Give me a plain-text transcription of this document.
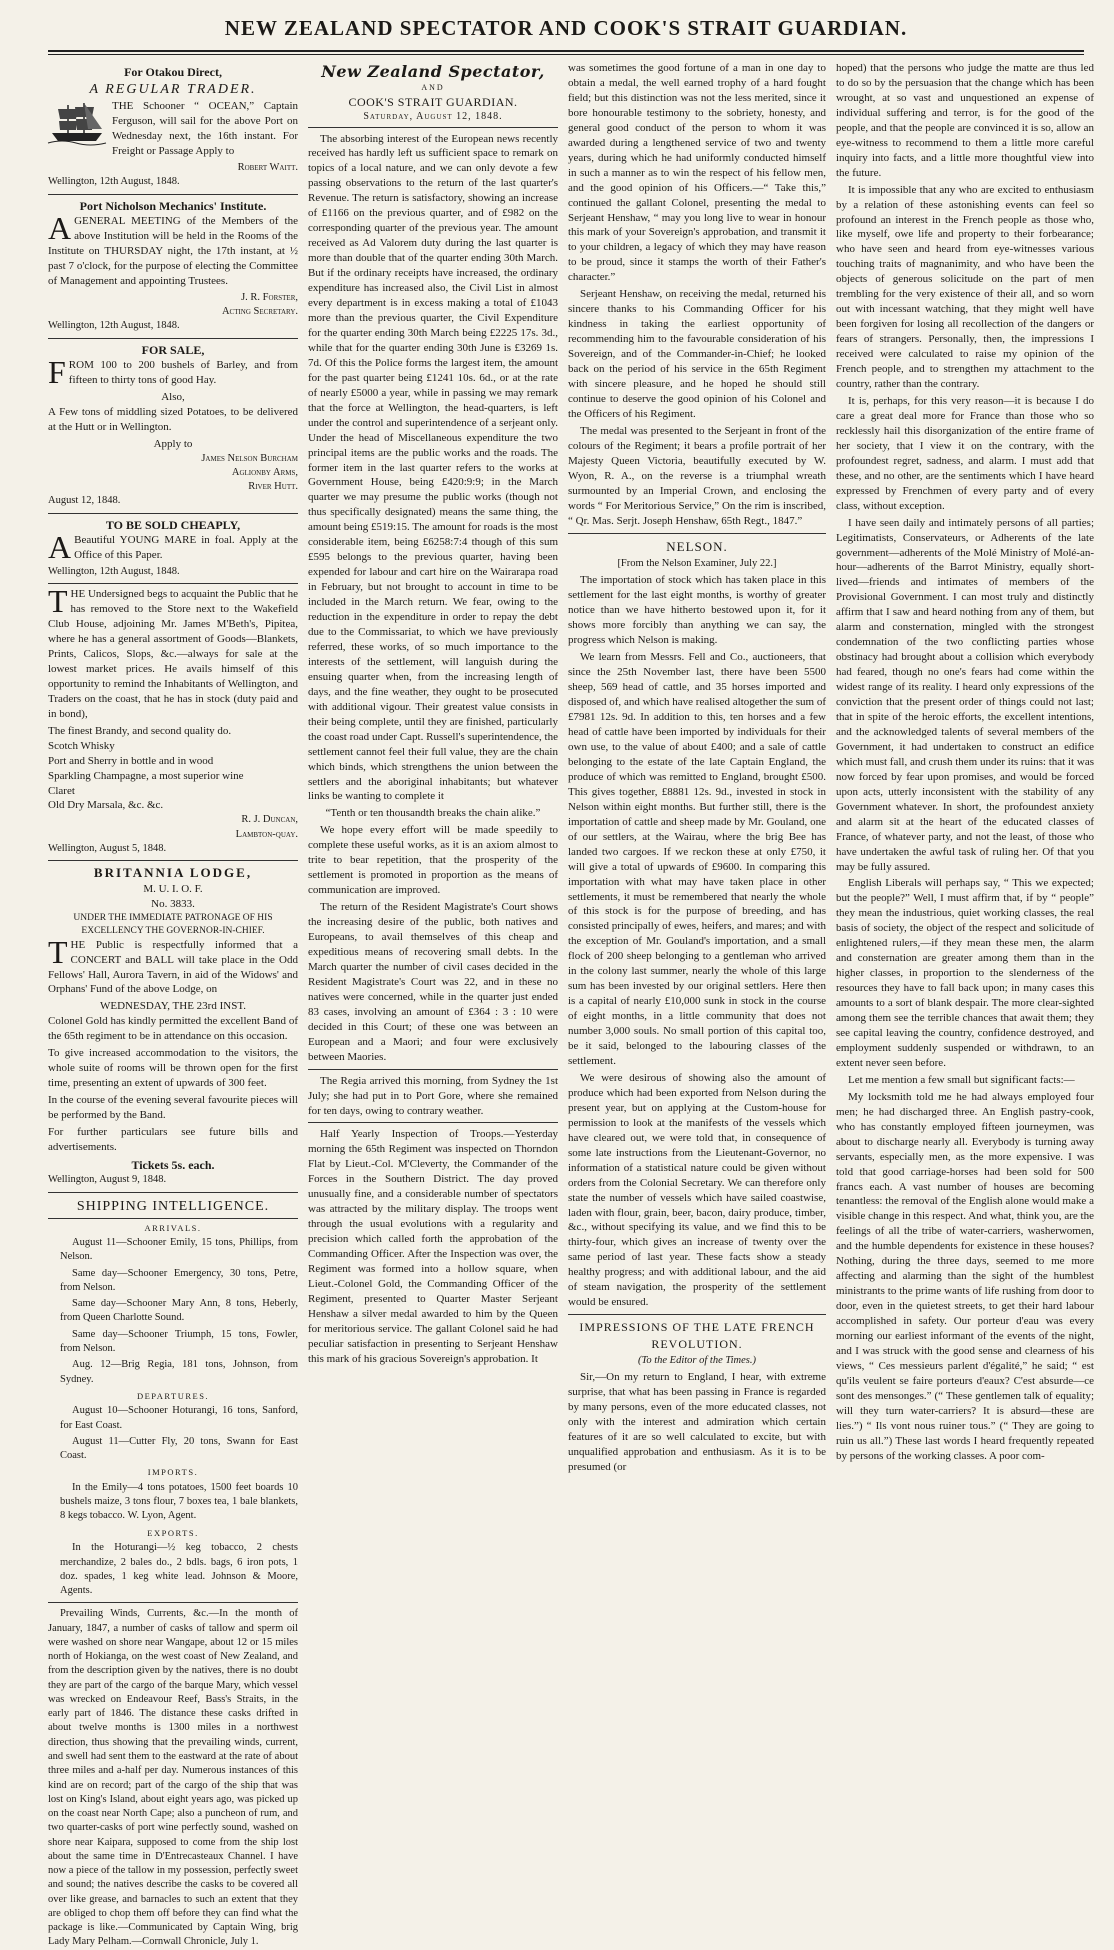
NEW ZEALAND SPECTATOR AND COOK'S STRAIT GUARDIAN.
For Otakou Direct,
A REGULAR TRADER.

THE Schooner “ OCEAN,” Captain Ferguson, will sail for the above Port on Wednesday next, the 16th instant. For Freight or Passage Apply to

Robert Waitt.
Wellington, 12th August, 1848.
Port Nicholson Mechanics' Institute.

AGENERAL MEETING of the Members of the above Institution will be held in the Rooms of the Institute on THURSDAY night, the 17th instant, at ½ past 7 o'clock, for the purpose of electing the Committee of Management and appointing Trustees.

J. R. Forster,
Acting Secretary.
Wellington, 12th August, 1848.
FOR SALE,

FROM 100 to 200 bushels of Barley, and from fifteen to thirty tons of good Hay.

Also,

A Few tons of middling sized Potatoes, to be delivered at the Hutt or in Wellington.

Apply to
James Nelson Burcham
Aglionby Arms,
River Hutt.
August 12, 1848.
TO BE SOLD CHEAPLY,

ABeautiful YOUNG MARE in foal. Apply at the Office of this Paper.

Wellington, 12th August, 1848.

THE Undersigned begs to acquaint the Public that he has removed to the Store next to the Wakefield Club House, adjoining Mr. James M'Beth's, Pipitea, where he has a general assortment of Goods—Blankets, Prints, Calicos, Slops, &c.—always for sale at the lowest market prices. He avails himself of this opportunity to remind the Inhabitants of Wellington, and Traders on the coast, that he has in stock (duty paid and in bond),

The finest Brandy, and second quality do.
Scotch Whisky
Port and Sherry in bottle and in wood
Sparkling Champagne, a most superior wine
Claret
Old Dry Marsala, &c. &c.
R. J. Duncan,
Lambton-quay.
Wellington, August 5, 1848.
BRITANNIA LODGE,
M. U. I. O. F.
No. 3833.
UNDER THE IMMEDIATE PATRONAGE OF HIS EXCELLENCY THE GOVERNOR-IN-CHIEF.

THE Public is respectfully informed that a CONCERT and BALL will take place in the Odd Fellows' Hall, Aurora Tavern, in aid of the Widows' and Orphans' Fund of the above Lodge, on

WEDNESDAY, THE 23rd INST.

Colonel Gold has kindly permitted the excellent Band of the 65th regiment to be in attendance on this occasion.

To give increased accommodation to the visitors, the whole suite of rooms will be thrown open for the first time, presenting an extent of upwards of 300 feet.

In the course of the evening several favourite pieces will be performed by the Band.

For further particulars see future bills and advertisements.

Tickets 5s. each.
Wellington, August 9, 1848.
SHIPPING INTELLIGENCE.
ARRIVALS.

August 11—Schooner Emily, 15 tons, Phillips, from Nelson.

Same day—Schooner Emergency, 30 tons, Petre, from Nelson.

Same day—Schooner Mary Ann, 8 tons, Heberly, from Queen Charlotte Sound.

Same day—Schooner Triumph, 15 tons, Fowler, from Nelson.

Aug. 12—Brig Regia, 181 tons, Johnson, from Sydney.

DEPARTURES.

August 10—Schooner Hoturangi, 16 tons, Sanford, for East Coast.

August 11—Cutter Fly, 20 tons, Swann for East Coast.

IMPORTS.

In the Emily—4 tons potatoes, 1500 feet boards 10 bushels maize, 3 tons flour, 7 boxes tea, 1 bale blankets, 8 kegs tobacco. W. Lyon, Agent.

EXPORTS.

In the Hoturangi—½ keg tobacco, 2 chests merchandize, 2 bales do., 2 bdls. bags, 6 iron pots, 1 doz. spades, 1 keg white lead. Johnson & Moore, Agents.

Prevailing Winds, Currents, &c.—In the month of January, 1847, a number of casks of tallow and sperm oil were washed on shore near Wangape, about 12 or 15 miles north of Hokianga, on the west coast of New Zealand, and from the description given by the natives, there is no doubt they are part of the cargo of the barque Mary, which vessel was wrecked on Endeavour Reef, Bass's Straits, in the early part of 1846. The distance these casks drifted in about twelve months is 1300 miles in a northwest direction, thus showing that the prevailing winds, current, and swell had sent them to the eastward at the rate of about three miles and a-half per day. Numerous instances of this kind are on record; part of the cargo of the ship that was lost on King's Island, about eight years ago, was picked up on the coast near North Cape; also a puncheon of rum, and two quarter-casks of port wine perfectly sound, washed on shore near Kaipara, supposed to come from the ship lost about the same time in D'Entrecasteaux Channel. I have now a piece of the tallow in my possession, perfectly sweet and sound; the natives describe the casks to be covered all over like grease, and barnacles to such an extent that they are obliged to chop them off before they can find what the package is like.—Communicated by Captain Wing, brig Lady Mary Pelham.—Cornwall Chronicle, July 1.

New Zealand Spectator,
AND
COOK'S STRAIT GUARDIAN.
Saturday, August 12, 1848.

The absorbing interest of the European news recently received has hardly left us sufficient space to remark on topics of a local nature, and we can only devote a few passing observations to the return of the last quarter's Revenue. The return is satisfactory, showing an increase of £1166 on the previous quarter, and of £982 on the corresponding quarter of the previous year. The amount received as Ad Valorem duty during the last quarter is more than double that of the quarter ending 30th March. But if the ordinary receipts have increased, the ordinary expenditure has increased also, the Civil List in almost every department is in excess making a total of £1043 more than the previous quarter, the Civil Expenditure for the quarter ending 30th March being £2225 17s. 3d., while that for the quarter ending 30th June is £3269 1s. 7d. Of this the Police forms the largest item, the amount for the past quarter being £1241 10s. 6d., or at the rate of nearly £5000 a year, while in passing we may remark that the force at Wellington, the head-quarters, is left under the control and superintendence of a serjeant only. Under the head of Miscellaneous expenditure the two principal items are the public works and the roads. The former item in the last quarter refers to the works at Government House, being £420:9:9; in the March quarter we may presume the public works (though not thus specifically designated) means the same thing, the amount being £519:15. The amount for roads is the most considerable item, being £6258:7:4 though of this sum £595 belongs to the previous quarter, having been expended for labour and cart hire on the Wairarapa road in February, but not brought to account in time to be included in the March return. We fear, owing to the reduction in the expenditure in order to repay the debt due to the Commissariat, to which we have previously referred, these works, of so much importance to the interests of the settlement, will languish during the ensuing quarter when, from the increasing length of days, and the fine weather, they ought to be prosecuted with additional vigour. Their greatest value consists in their being complete, until they are finished, particularly the coast road under Capt. Russell's superintendence, the settlement cannot feel their full value, they are the chain which binds, which strengthens the union between the settlers and the aboriginal inhabitants; but whatever links be wanting to complete it

“Tenth or ten thousandth breaks the chain alike.”

We hope every effort will be made speedily to complete these useful works, as it is an axiom almost to trite to bear repetition, that the prosperity of the settlement is promoted in proportion as the means of communication are improved.

The return of the Resident Magistrate's Court shows the increasing desire of the public, both natives and Europeans, to avail themselves of this cheap and expeditious means of recovering small debts. In the March quarter the number of civil cases decided in the Resident Magistrate's Court was 22, and in these no natives were concerned, while in the quarter just ended 83 cases, involving an amount of £364 : 3 : 10 were decided in this Court; of these one was between an European and a Maori; and four were exclusively between Maories.

The Regia arrived this morning, from Sydney the 1st July; she had put in to Port Gore, where she remained for ten days, owing to contrary weather.

Half Yearly Inspection of Troops.—Yesterday morning the 65th Regiment was inspected on Thorndon Flat by Lieut.-Col. M'Cleverty, the Commander of the Forces in the Southern District. The day proved unusually fine, and a considerable number of spectators was attracted by the military display. The troops went through the usual evolutions with a regularity and precision which called forth the approbation of the Commanding Officer. After the Inspection was over, the Regiment was formed into a hollow square, when Lieut.-Colonel Gold, the Commanding Officer of the Regiment, presented to Quarter Master Serjeant Henshaw a silver medal awarded to him by the Queen for meritorious service. The gallant Colonel said he had peculiar satisfaction in presenting to Serjeant Henshaw this mark of his gracious Sovereign's approbation. It

was sometimes the good fortune of a man in one day to obtain a medal, the well earned trophy of a hard fought field; but this distinction was not the less merited, since it bore honourable testimony to the sobriety, honesty, and general good conduct of the person to whom it was awarded during a lengthened service of two and twenty years, during which he had uniformly conducted himself in such a manner as to win the respect of his fellow men, and the good opinion of his Officers.—“ Take this,” continued the gallant Colonel, presenting the medal to Serjeant Henshaw, “ may you long live to wear in honour this mark of your Sovereign's approbation, and transmit it to your children, a legacy of which they may have reason to be proud, since it stamps the worth of their Father's character.”

Serjeant Henshaw, on receiving the medal, returned his sincere thanks to his Commanding Officer for his kindness in taking the earliest opportunity of recommending him to the favourable consideration of his Sovereign, and of the Commander-in-Chief; he looked back on the period of his service in the 65th Regiment with sincere pleasure, and he hoped he should still continue to deserve the good opinion of his Colonel and the Officers of his Regiment.

The medal was presented to the Serjeant in front of the colours of the Regiment; it bears a profile portrait of her Majesty Queen Victoria, beautifully executed by W. Wyon, R. A., on the reverse is a triumphal wreath surmounted by an Imperial Crown, and enclosing the words “ For Meritorious Service,” On the rim is inscribed, “ Qr. Mas. Serjt. Joseph Henshaw, 65th Regt., 1847.”

NELSON.
[From the Nelson Examiner, July 22.]

The importation of stock which has taken place in this settlement for the last eight months, is worthy of greater notice than we have hitherto bestowed upon it, for it shows more forcibly than anything we can say, the progress which Nelson is making.

We learn from Messrs. Fell and Co., auctioneers, that since the 25th November last, there have been 5500 sheep, 569 head of cattle, and 35 horses imported and disposed of, and which have realised altogether the sum of £7981 12s. 9d. In addition to this, ten horses and a few head of cattle have been imported by individuals for their own use, to the value of about £400; and a sale of cattle belonging to the estate of the late Captain England, the produce of which was remitted to England, brought £500. This gives together, £8881 12s. 9d., invested in stock in Nelson within eight months. But further still, there is the importation of cattle and sheep made by Mr. Gouland, one of our settlers, at the Wairau, where the brig Bee has landed two cargoes. If we reckon these at only £750, it will give a total of upwards of £9600. In comparing this importation with what may have taken place in other settlements, it must be remembered that nearly the whole of this stock is for the purpose of breeding, and has consisted principally of ewes, heifers, and mares; and with the exception of Mr. Gouland's importation, and a small flock of 200 sheep belonging to a gentleman who arrived in the colony last summer, nearly the whole of this large sum has been invested by our original settlers. Here then is a capital of nearly £10,000 sunk in stock in the course of eight months, in a little community that does not number 3,000 souls. No small portion of this capital too, be it said, belonged to the labouring classes of the settlement.

We were desirous of showing also the amount of produce which had been exported from Nelson during the present year, but on applying at the Custom-house for permission to look at the manifests of the vessels which have cleared out, we were told that, in consequence of some late instructions from the Lieutenant-Governor, no information of a statistical nature could be given without orders from the Colonial Secretary. We can therefore only state the number of vessels which have sailed coastwise, laden with flour, grain, beer, bacon, dairy produce, timber, &c., without specifying its value, and we find this to be thirty-four, which gives an increase of twenty over the same period of last year. These facts show a steady healthy progress; and with additional labour, and the aid of steam navigation, the prosperity of the settlement would be ensured.

IMPRESSIONS OF THE LATE FRENCH REVOLUTION.
(To the Editor of the Times.)

Sir,—On my return to England, I hear, with extreme surprise, that what has been passing in France is regarded by many persons, even of the more educated classes, not only with the interest and admiration which certain features of it are so well calculated to excite, but with unqualified approbation and enthusiasm. As it is to be presumed (or

hoped) that the persons who judge the matte are thus led to do so by the persuasion that the change which has been wrought, at so vast and unquestioned an expense of individual suffering and terror, is for the good of the people, and that the people are convinced it is so, allow an eye-witness to recommend to them a little more careful inquiry into facts, and a little more thoughtful view into the future.

It is impossible that any who are excited to enthusiasm by a relation of these astonishing events can feel so profound an interest in the French people as those who, like myself, owe life and property to their forbearance; who have seen and heard from eye-witnesses various touching traits of magnanimity, and who have been the objects of generous solicitude on the part of men trembling for the very existence of their all, and so worn out with incessant watching, that they might well have been forgiven for losing all recollection of the dangers or fears of strangers. Personally, then, the impressions I received were calculated to raise my opinion of the French people, and to strengthen my attachment to the country, rather than the contrary.

It is, perhaps, for this very reason—it is because I do care a great deal more for France than those who so recklessly hail this disorganization of the entire frame of her society, that I view it on the contrary, with the profoundest regret, sadness, and alarm. I must add that these, and no other, are the sentiments which I have heard expressed by Frenchmen of every party and of every class, without exception.

I have seen daily and intimately persons of all parties; Legitimatists, Conservateurs, or Adherents of the late government—adherents of the Molé Ministry of Molé-an-hour—adherents of the Barrot Ministry, equally short-lived—friends and intimates of members of the Provisional Government. I can most truly and distinctly affirm that I saw and heard nothing from any of them, but alarm and consternation, mingled with the strongest condemnation of the two conflicting parties whose obstinacy had brought about a collision which everybody had feared, though no one's fears had come within the widest range of its reality. I heard only expressions of the conviction that the present order of things could not last; that in spite of the heroic efforts, the excellent intentions, and the acknowledged talents of several members of the Government, it had undertaken to construct an edifice which must fall, and crush them under its ruins: that it was now forced by fear upon promises, and would be forced upon acts, utterly inconsistent with the stability of any Government whatever. In short, the profoundest anxiety and alarm sit at the heart of the educated classes of France, of whatever party, and not the least, of those who have undertaken the awful task of ruling her. Of that you may be fully assured.

English Liberals will perhaps say, “ This we expected; but the people?” Well, I must affirm that, if by “ people” they mean the industrious, quiet working classes, the real basis of society, the object of the respect and solicitude of enlightened rulers,—if they mean these men, the alarm and consternation are greater among them than in the higher classes, in proportion to the slenderness of the resources they have to fall back upon; in many cases this amounts to a sort of blank despair. The more clear-sighted among them see the terrible chances that await them; they see capital leaving the country, confidence destroyed, and employment suddenly suspended or withdrawn, to an extent never seen before.

Let me mention a few small but significant facts:—

My locksmith told me he had always employed four men; he had discharged three. An English pastry-cook, who has constantly employed fifteen journeymen, was about to discharge nearly all. Everybody is turning away servants, especially men, as the more expensive. I was told that good carriage-horses had been sold for 500 francs each. A vast number of houses are becoming tenantless: the removal of the English alone would make a visible change in this respect. And what, think you, are the feelings of all the tribe of water-carriers, washerwomen, and the humble dependents for existence in these houses? Nothing, during the three days, seemed to me more affecting and alarming than the sight of the humblest ministrants to the prime wants of life rushing from door to door, even in the quietest streets, to get their hard labour accomplished in safety. Our porteur d'eau was every morning our earliest informant of the events of the night, and I was struck with the good sense and clearness of his views, “ Ces messieurs parlent d'égalité,” he said; “ est qu'ils veulent se faire porteurs d'eaux? C'est absurde—ce sont des mensonges.” (“ These gentlemen talk of equality; will they turn water-carriers? It is absurd—these are lies.”) “ Ils vont nous ruiner tous.” (“ They are going to ruin us all.”) These last words I heard frequently repeated by persons of the working classes. A poor com-
